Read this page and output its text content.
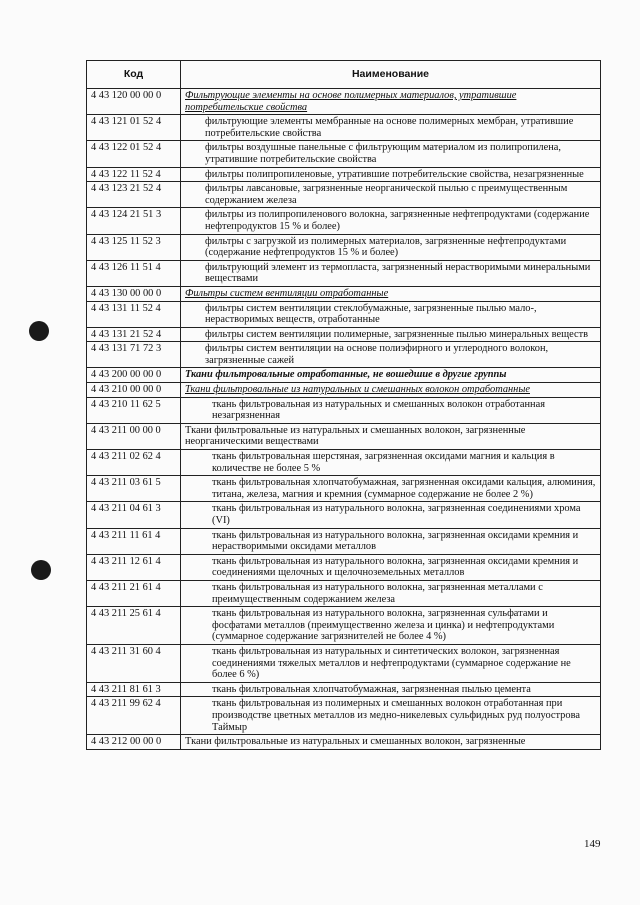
Код	Наименование
4 43 120 00 00 0	Фильтрующие элементы на основе полимерных материалов, утратившие потребительские свойства
4 43 121 01 52 4	фильтрующие элементы мембранные на основе полимерных мембран, утратившие потребительские свойства
4 43 122 01 52 4	фильтры воздушные панельные с фильтрующим материалом из полипропилена, утратившие потребительские свойства
4 43 122 11 52 4	фильтры полипропиленовые, утратившие потребительские свойства, незагрязненные
4 43 123 21 52 4	фильтры лавсановые, загрязненные неорганической пылью с преимущественным содержанием железа
4 43 124 21 51 3	фильтры из полипропиленового волокна, загрязненные нефтепродуктами (содержание нефтепродуктов 15 % и более)
4 43 125 11 52 3	фильтры с загрузкой из полимерных материалов, загрязненные нефтепродуктами (содержание нефтепродуктов 15 % и более)
4 43 126 11 51 4	фильтрующий элемент из термопласта, загрязненный нерастворимыми минеральными веществами
4 43 130 00 00 0	Фильтры систем вентиляции отработанные
4 43 131 11 52 4	фильтры систем вентиляции стеклобумажные, загрязненные пылью мало-, нерастворимых веществ, отработанные
4 43 131 21 52 4	фильтры систем вентиляции полимерные, загрязненные пылью минеральных веществ
4 43 131 71 72 3	фильтры систем вентиляции на основе полиэфирного и углеродного волокон, загрязненные сажей
4 43 200 00 00 0	Ткани фильтровальные отработанные, не вошедшие в другие группы
4 43 210 00 00 0	Ткани фильтровальные из натуральных и смешанных волокон отработанные
4 43 210 11 62 5	ткань фильтровальная из натуральных и смешанных волокон отработанная незагрязненная
4 43 211 00 00 0	Ткани фильтровальные из натуральных и смешанных волокон, загрязненные неорганическими веществами
4 43 211 02 62 4	ткань фильтровальная шерстяная, загрязненная оксидами магния и кальция в количестве не более 5 %
4 43 211 03 61 5	ткань фильтровальная хлопчатобумажная, загрязненная оксидами кальция, алюминия, титана, железа, магния и кремния (суммарное содержание не более 2 %)
4 43 211 04 61 3	ткань фильтровальная из натурального волокна, загрязненная соединениями хрома (VI)
4 43 211 11 61 4	ткань фильтровальная из натурального волокна, загрязненная оксидами кремния и нерастворимыми оксидами металлов
4 43 211 12 61 4	ткань фильтровальная из натурального волокна, загрязненная оксидами кремния и соединениями щелочных и щелочноземельных металлов
4 43 211 21 61 4	ткань фильтровальная из натурального волокна, загрязненная металлами с преимущественным содержанием железа
4 43 211 25 61 4	ткань фильтровальная из натурального волокна, загрязненная сульфатами и фосфатами металлов (преимущественно железа и цинка) и нефтепродуктами (суммарное содержание загрязнителей не более 4 %)
4 43 211 31 60 4	ткань фильтровальная из натуральных и синтетических волокон, загрязненная соединениями тяжелых металлов и нефтепродуктами (суммарное содержание не более 6 %)
4 43 211 81 61 3	ткань фильтровальная хлопчатобумажная, загрязненная пылью цемента
4 43 211 99 62 4	ткань фильтровальная из полимерных и смешанных волокон отработанная при производстве цветных металлов из медно-никелевых сульфидных руд полуострова Таймыр
4 43 212 00 00 0	Ткани фильтровальные из натуральных и смешанных волокон, загрязненные
149
